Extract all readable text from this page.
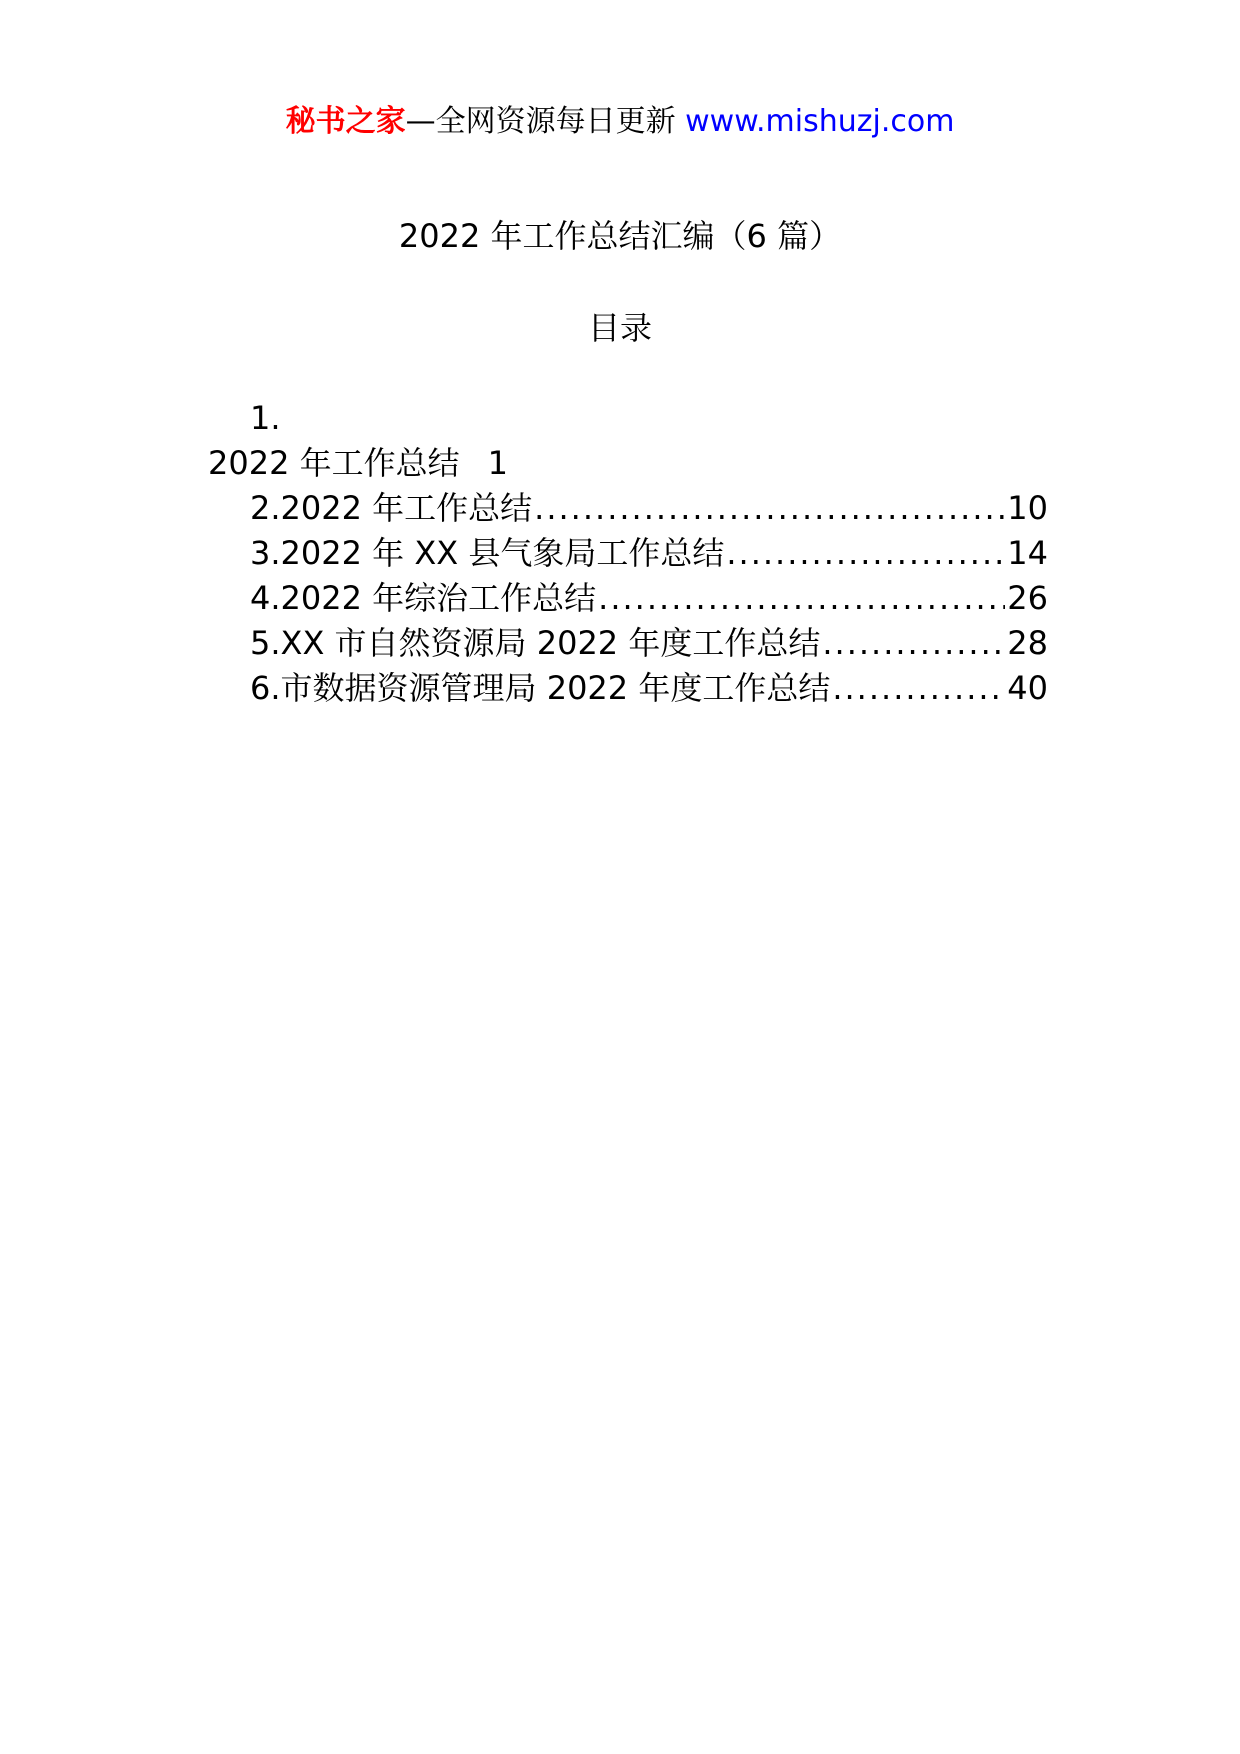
秘书之家—全网资源每日更新 www.mishuzj.com
2022 年工作总结汇编（6 篇）
目录
1.
2022 年工作总结 1
2.2022 年工作总结 .....	10
3.2022 年 XX 县气象局工作总结 .....	14
4.2022 年综治工作总结 .....	26
5.XX 市自然资源局 2022 年度工作总结 .....	28
6.市数据资源管理局 2022 年度工作总结 .....	40
